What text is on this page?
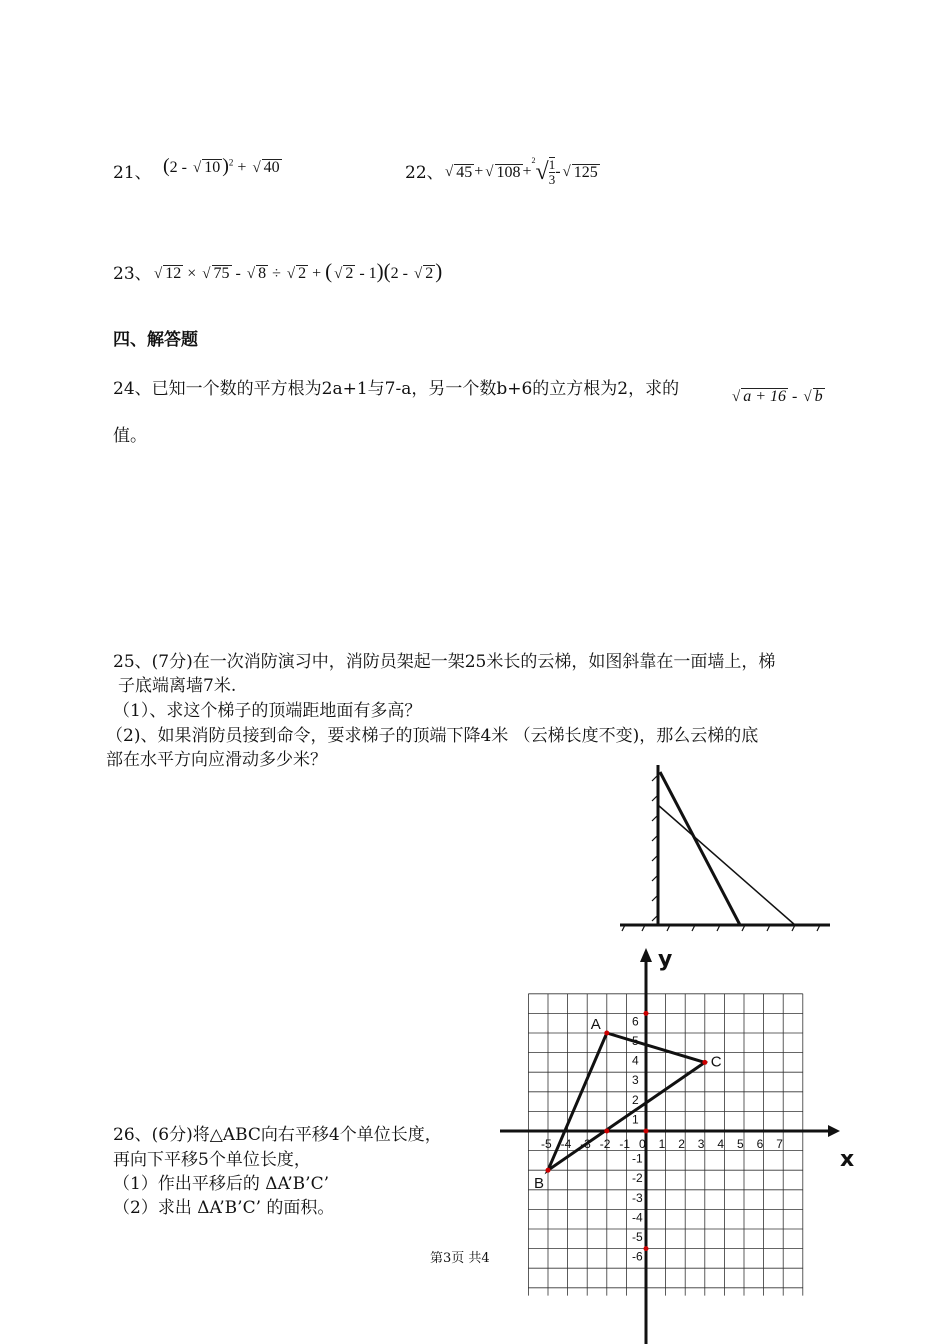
21、 (2 - √ 10 )$^2$ + √ 40	22、 √ 45 + √ 108 +
$^2$ √ $\frac{1}{3}$ - √ 125
23、 √ 12 × √ 75 - √ 8 ÷ √ 2 + ( √ 2 - 1)(2 - √ 2)
四、解答题
24、已知一个数的平方根为2a+1与7-a，另一个数b+6的立方根为2，求的	√ a + 16 - √ b
值。
25、(7分)在一次消防演习中，消防员架起一架25米长的云梯，如图斜靠在一面墙上，梯
子底端离墙7米.
（1）、求这个梯子的顶端距地面有多高？
（2)、如果消防员接到命令，要求梯子的顶端下降4米 （云梯长度不变)，那么云梯的底
部在水平方向应滑动多少米？
26、(6分)将△ABC向右平移4个单位长度，
再向下平移5个单位长度，
（1）作出平移后的 ΔA’B’C’
（2）求出 ΔA’B’C’ 的面积。
x
y
-5 -4 -3 -2 -1 0 1 2 3 4 5 6 7
1
2
3
4
5
6
-1
-2
-3
-4
-5
-6
A
B
C
第3页 共4
